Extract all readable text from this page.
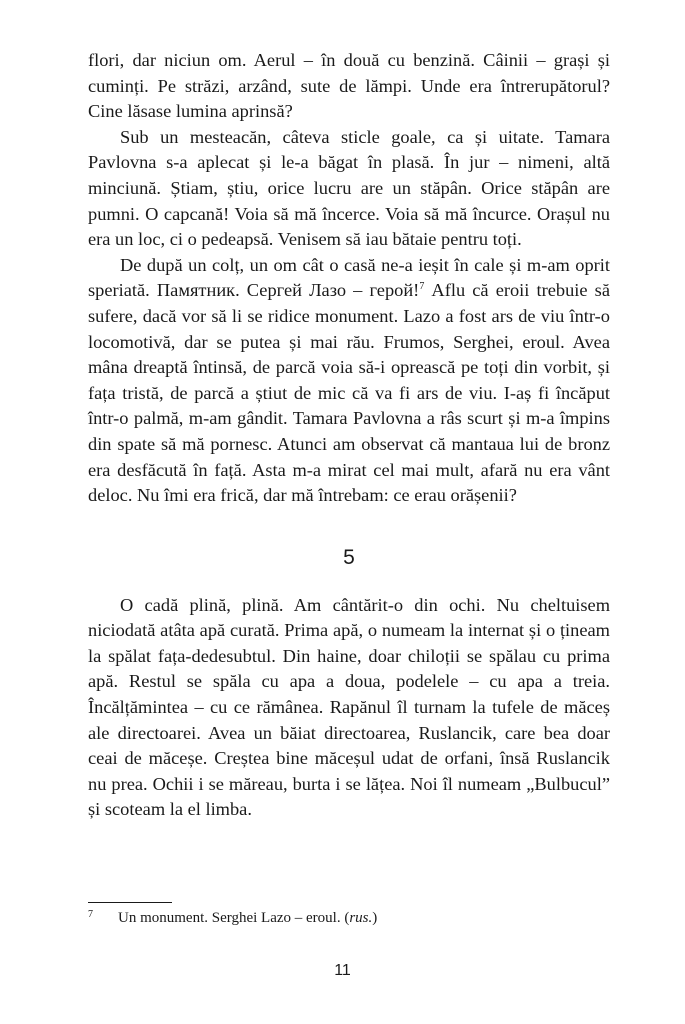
flori, dar niciun om. Aerul – în două cu benzină. Câinii – grași și cuminți. Pe străzi, arzând, sute de lămpi. Unde era întrerupătorul? Cine lăsase lumina aprinsă?

Sub un mesteacăn, câteva sticle goale, ca și uitate. Tamara Pavlovna s-a aplecat și le-a băgat în plasă. În jur – nimeni, altă minciună. Știam, știu, orice lucru are un stăpân. Orice stăpân are pumni. O capcană! Voia să mă încerce. Voia să mă încurce. Orașul nu era un loc, ci o pedeapsă. Venisem să iau bătaie pentru toți.

De după un colț, un om cât o casă ne-a ieșit în cale și m-am oprit speriată. Памятник. Сергей Лазо – герой!$^7$ Aflu că eroii trebuie să sufere, dacă vor să li se ridice monument. Lazo a fost ars de viu într-o locomotivă, dar se putea și mai rău. Frumos, Serghei, eroul. Avea mâna dreaptă întinsă, de parcă voia să-i oprească pe toți din vorbit, și fața tristă, de parcă a știut de mic că va fi ars de viu. I-aș fi încăput într-o palmă, m-am gândit. Tamara Pavlovna a râs scurt și m-a împins din spate să mă pornesc. Atunci am observat că mantaua lui de bronz era desfăcută în față. Asta m-a mirat cel mai mult, afară nu era vânt deloc. Nu îmi era frică, dar mă întrebam: ce erau orășenii?

5

O cadă plină, plină. Am cântărit-o din ochi. Nu cheltuisem niciodată atâta apă curată. Prima apă, o numeam la internat și o țineam la spălat fața-dedesubtul. Din haine, doar chiloții se spălau cu prima apă. Restul se spăla cu apa a doua, podelele – cu apa a treia. Încălțămintea – cu ce rămânea. Rapănul îl turnam la tufele de măceș ale directoarei. Avea un băiat directoarea, Ruslancik, care bea doar ceai de măceșe. Creștea bine măceșul udat de orfani, însă Ruslancik nu prea. Ochii i se măreau, burta i se lățea. Noi îl numeam „Bulbucul” și scoteam la el limba.

7 Un monument. Serghei Lazo – eroul. (rus.)
11
